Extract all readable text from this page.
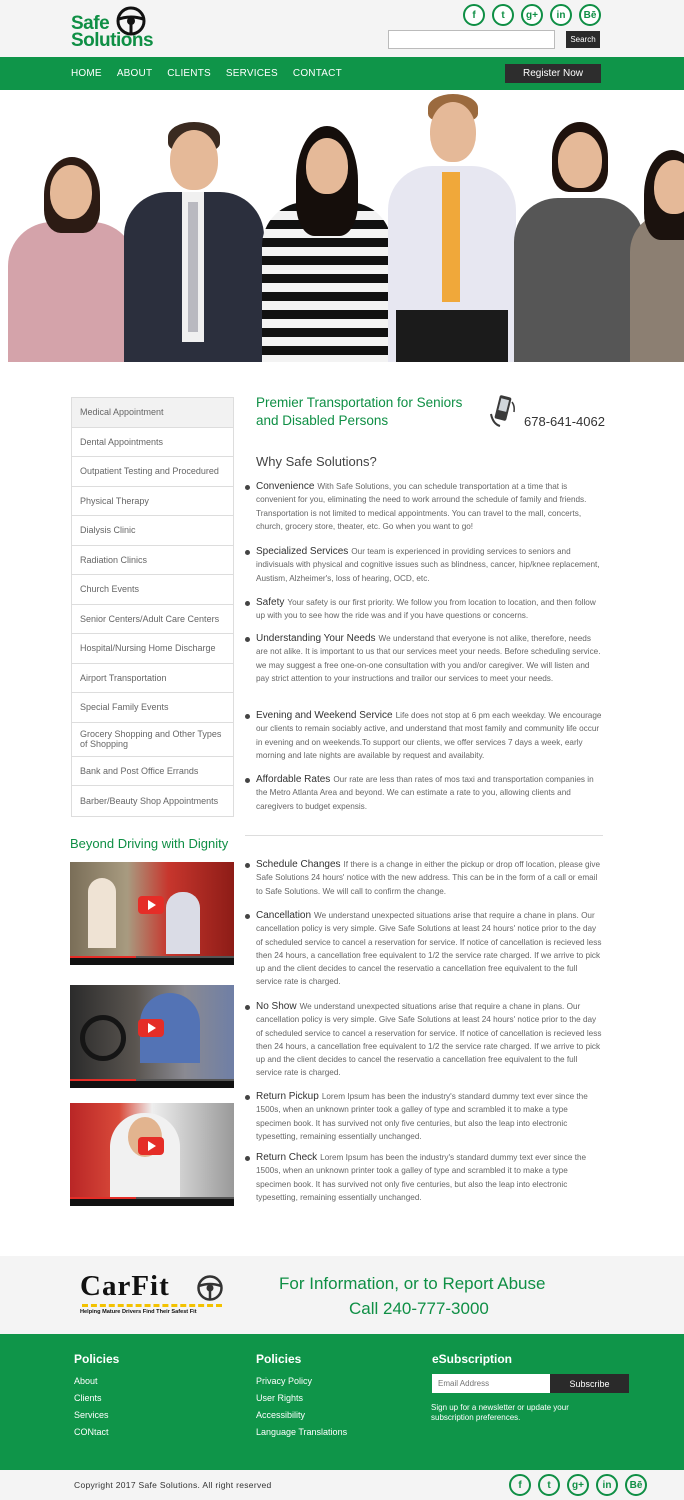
Safe
Solutions
f	t	g+	in	Bē
Search
HOME ABOUT CLIENTS SERVICES CONTACT	Register Now
Medical Appointment
Dental Appointments
Outpatient Testing and Procedured
Physical Therapy
Dialysis Clinic
Radiation Clinics
Church Events
Senior Centers/Adult Care Centers
Hospital/Nursing Home Discharge
Airport Transportation
Special Family Events
Grocery Shopping and Other Types of Shopping
Bank and Post Office Errands
Barber/Beauty Shop Appointments
Beyond Driving with Dignity
Premier Transportation for Seniors and Disabled Persons	678-641-4062
Why Safe Solutions?
Convenience With Safe Solutions, you can schedule transportation at a time that is convenient for you, eliminating the need to work arround the schedule of family and friends. Transportation is not limited to medical appointments. You can travel to the mall, concerts, church, grocery store, theater, etc. Go when you want to go!
Specialized Services Our team is experienced in providing services to seniors and indivisuals with physical and cognitive issues such as blindness, cancer, hip/knee replacement, Austism, Alzheimer's, loss of hearing, OCD, etc.
Safety Your safety is our first priority. We follow you from location to location, and then follow up with you to see how the ride was and if you have questions or concerns.
Understanding Your Needs We understand that everyone is not alike, therefore, needs are not alike. It is important to us that our services meet your needs. Before scheduling service. we may suggest a free one-on-one consultation with you and/or caregiver. We will listen and pay strict attention to your instructions and trailor our services to meet your needs.
Evening and Weekend Service Life does not stop at 6 pm each weekday. We encourage our clients to remain sociably active, and understand that most family and community life occur in evening and on weekends.To support our clients, we offer services 7 days a week, early morning and late nights are available by request and availabity.
Affordable Rates Our rate are less than rates of mos taxi and transportation companies in the Metro Atlanta Area and beyond. We can estimate a rate to you, allowing clients and caregivers to budget expensis.
Schedule Changes If there is a change in either the pickup or drop off location, please give Safe Solutions 24 hours' notice with the new address. This can be in the form of a call or email to Safe Solutions. We will call to confirm the change.
Cancellation We understand unexpected situations arise that require a chane in plans. Our cancellation policy is very simple. Give Safe Solutions at least 24 hours' notice prior to the day of scheduled service to cancel a reservation for service. If notice of cancellation is recieved less then 24 hours, a cancellation free equivalent to 1/2 the service rate charged. If we arrive to pick up and the client decides to cancel the reservatio a cancellation free equivalent to the full service rate is charged.
No Show We understand unexpected situations arise that require a chane in plans. Our cancellation policy is very simple. Give Safe Solutions at least 24 hours' notice prior to the day of scheduled service to cancel a reservation for service. If notice of cancellation is recieved less then 24 hours, a cancellation free equivalent to 1/2 the service rate charged. If we arrive to pick up and the client decides to cancel the reservatio a cancellation free equivalent to the full service rate is charged.
Return Pickup Lorem Ipsum has been the industry's standard dummy text ever since the 1500s, when an unknown printer took a galley of type and scrambled it to make a type specimen book. It has survived not only five centuries, but also the leap into electronic typesetting, remaining essentially unchanged.
Return Check Lorem Ipsum has been the industry's standard dummy text ever since the 1500s, when an unknown printer took a galley of type and scrambled it to make a type specimen book. It has survived not only five centuries, but also the leap into electronic typesetting, remaining essentially unchanged.
CarFit
Helping Mature Drivers Find Their Safest Fit
For Information, or to Report Abuse
Call 240-777-3000
Policies
About
Clients
Services
CONtact
Policies
Privacy Policy
User Rights
Accessibility
Language Translations
eSubscription
Email Address
Subscribe
Sign up for a newsletter or update your subscription preferences.
Copyright 2017 Safe Solutions. All right reserved	f	t	g+	in	Bē
